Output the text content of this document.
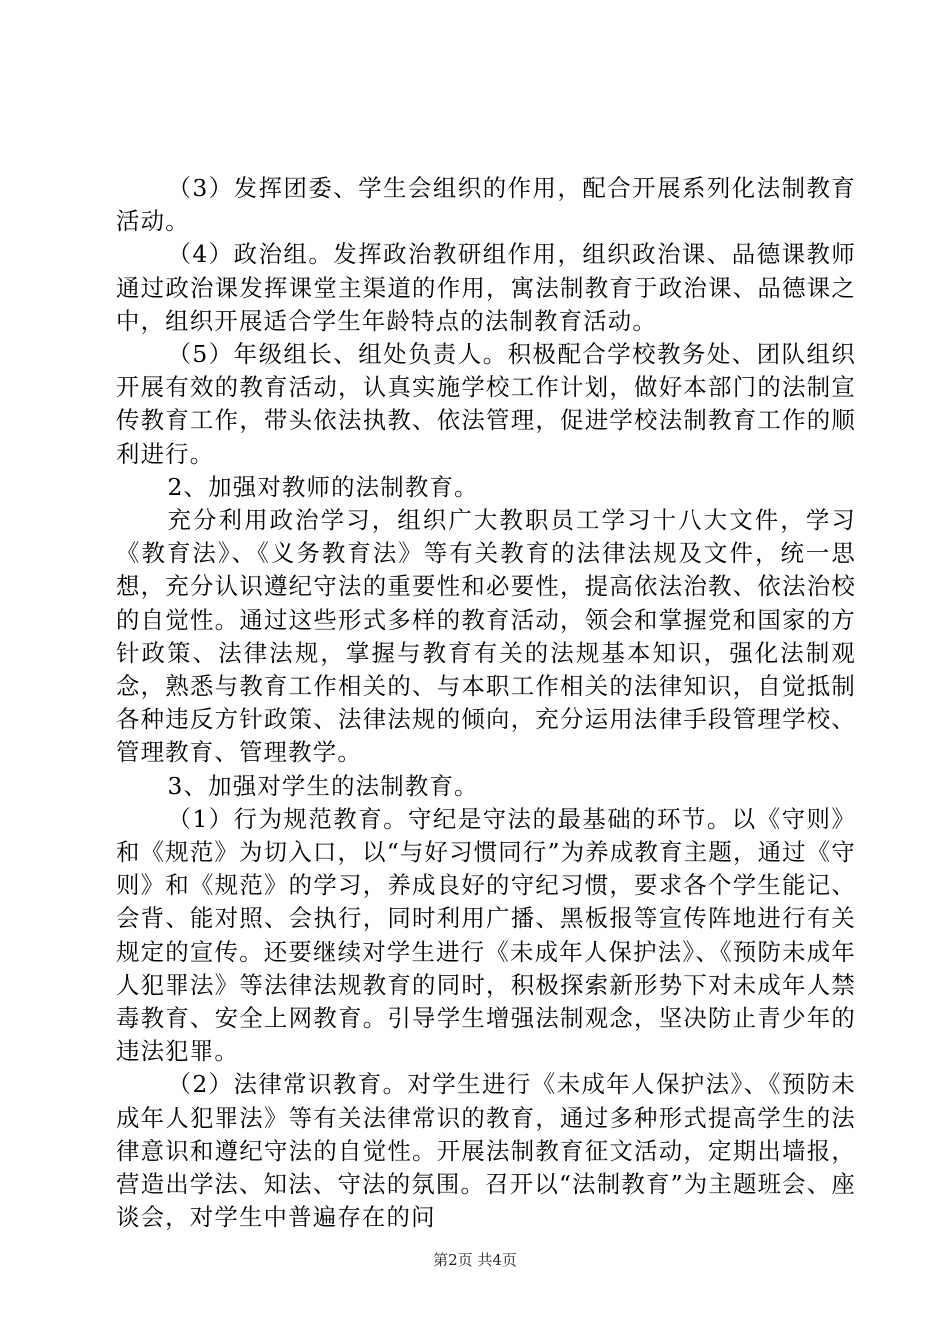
（3）发挥团委、学生会组织的作用，配合开展系列化法制教育活动。

（4）政治组。发挥政治教研组作用，组织政治课、品德课教师通过政治课发挥课堂主渠道的作用，寓法制教育于政治课、品德课之中，组织开展适合学生年龄特点的法制教育活动。

（5）年级组长、组处负责人。积极配合学校教务处、团队组织开展有效的教育活动，认真实施学校工作计划，做好本部门的法制宣传教育工作，带头依法执教、依法管理，促进学校法制教育工作的顺利进行。

2、加强对教师的法制教育。

充分利用政治学习，组织广大教职员工学习十八大文件，学习《教育法》、《义务教育法》等有关教育的法律法规及文件，统一思想，充分认识遵纪守法的重要性和必要性，提高依法治教、依法治校的自觉性。通过这些形式多样的教育活动，领会和掌握党和国家的方针政策、法律法规，掌握与教育有关的法规基本知识，强化法制观念，熟悉与教育工作相关的、与本职工作相关的法律知识，自觉抵制各种违反方针政策、法律法规的倾向，充分运用法律手段管理学校、管理教育、管理教学。

3、加强对学生的法制教育。

（1）行为规范教育。守纪是守法的最基础的环节。以《守则》和《规范》为切入口，以“与好习惯同行”为养成教育主题，通过《守则》和《规范》的学习，养成良好的守纪习惯，要求各个学生能记、会背、能对照、会执行，同时利用广播、黑板报等宣传阵地进行有关规定的宣传。还要继续对学生进行《未成年人保护法》、《预防未成年人犯罪法》等法律法规教育的同时，积极探索新形势下对未成年人禁毒教育、安全上网教育。引导学生增强法制观念，坚决防止青少年的违法犯罪。

（2）法律常识教育。对学生进行《未成年人保护法》、《预防未成年人犯罪法》等有关法律常识的教育，通过多种形式提高学生的法律意识和遵纪守法的自觉性。开展法制教育征文活动，定期出墙报，营造出学法、知法、守法的氛围。召开以“法制教育”为主题班会、座谈会，对学生中普遍存在的问

第2页 共4页
